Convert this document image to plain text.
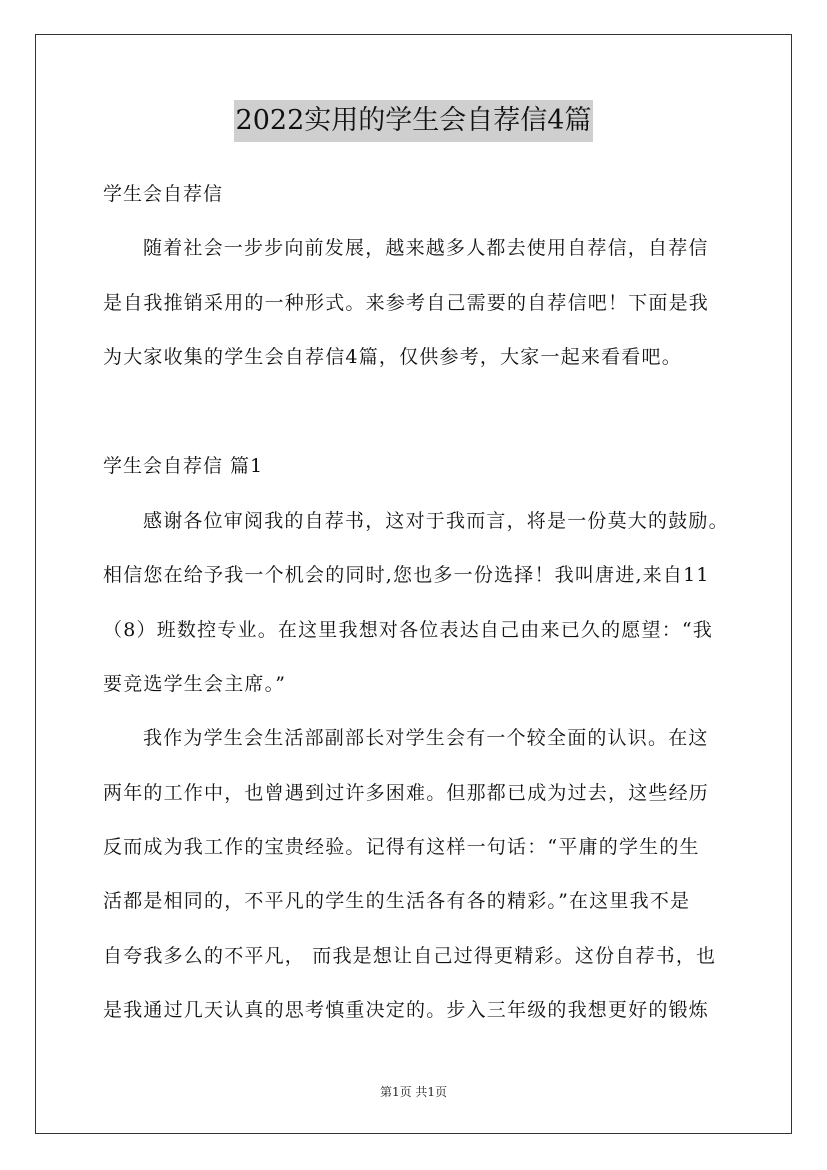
2022实用的学生会自荐信4篇
学生会自荐信
随着社会一步步向前发展，越来越多人都去使用自荐信，自荐信
是自我推销采用的一种形式。来参考自己需要的自荐信吧！下面是我
为大家收集的学生会自荐信4篇，仅供参考，大家一起来看看吧。
学生会自荐信 篇1
感谢各位审阅我的自荐书，这对于我而言，将是一份莫大的鼓励。
相信您在给予我一个机会的同时,您也多一份选择！我叫唐进,来自11
（8）班数控专业。在这里我想对各位表达自己由来已久的愿望：“我
要竞选学生会主席。”
我作为学生会生活部副部长对学生会有一个较全面的认识。在这
两年的工作中，也曾遇到过许多困难。但那都已成为过去，这些经历
反而成为我工作的宝贵经验。记得有这样一句话：“平庸的学生的生
活都是相同的，不平凡的学生的生活各有各的精彩。”在这里我不是
自夸我多么的不平凡， 而我是想让自己过得更精彩。这份自荐书，也
是我通过几天认真的思考慎重决定的。步入三年级的我想更好的锻炼
第1页 共1页
